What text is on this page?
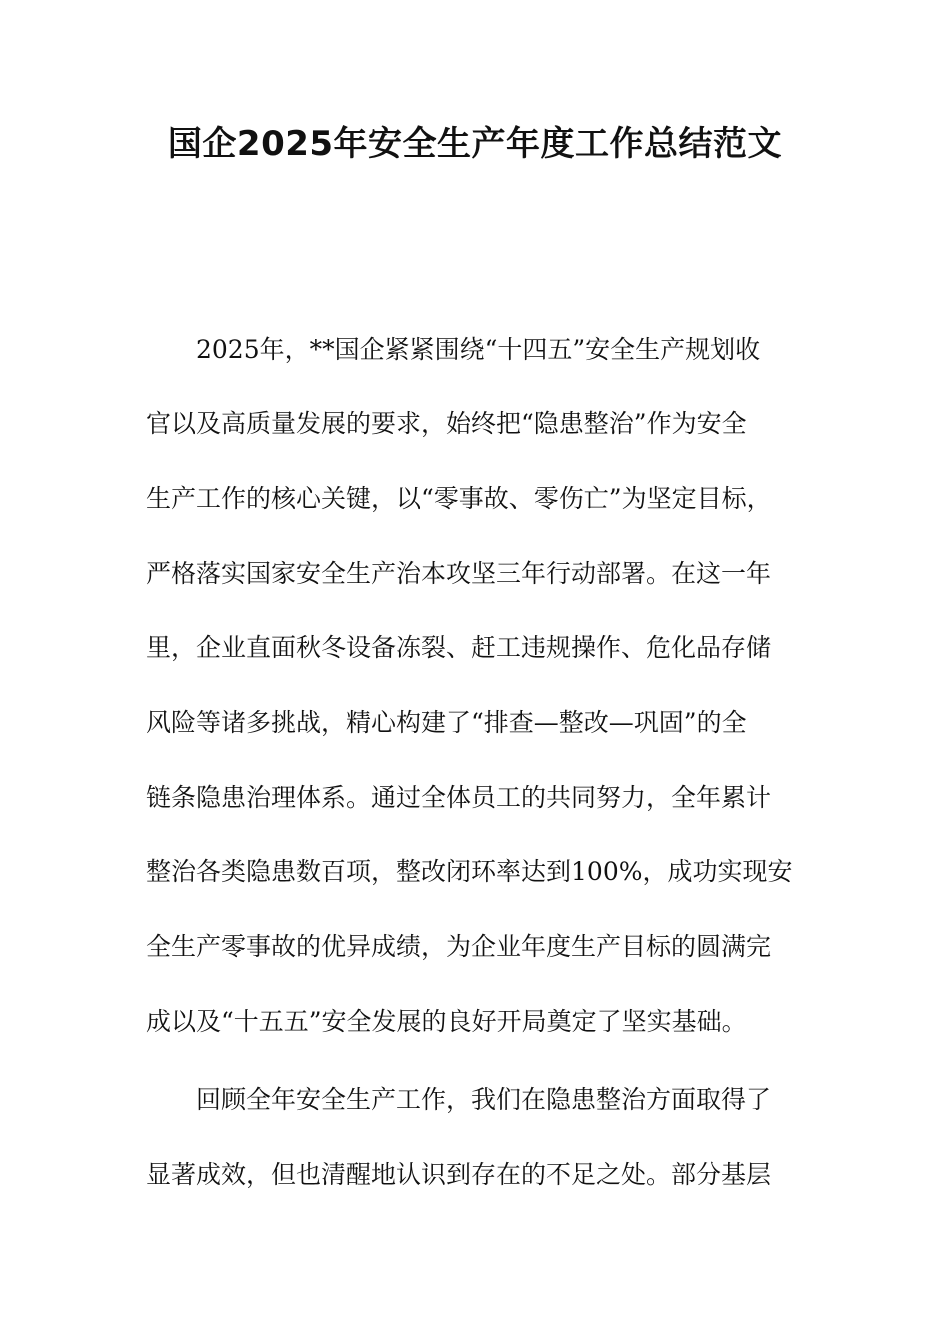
国企2025年安全生产年度工作总结范文

2025年，**国企紧紧围绕“十四五”安全生产规划收

官以及高质量发展的要求，始终把“隐患整治”作为安全

生产工作的核心关键，以“零事故、零伤亡”为坚定目标，

严格落实国家安全生产治本攻坚三年行动部署。在这一年

里，企业直面秋冬设备冻裂、赶工违规操作、危化品存储

风险等诸多挑战，精心构建了“排查—整改—巩固”的全

链条隐患治理体系。通过全体员工的共同努力，全年累计

整治各类隐患数百项，整改闭环率达到100%，成功实现安

全生产零事故的优异成绩，为企业年度生产目标的圆满完

成以及“十五五”安全发展的良好开局奠定了坚实基础。

回顾全年安全生产工作，我们在隐患整治方面取得了

显著成效，但也清醒地认识到存在的不足之处。部分基层
